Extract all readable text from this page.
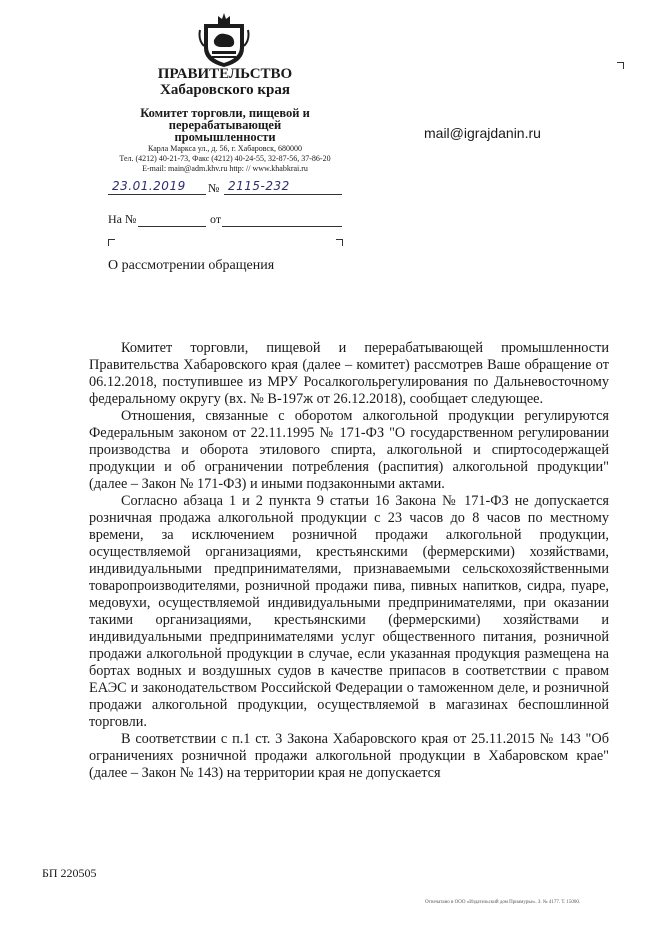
ПРАВИТЕЛЬСТВО
Хабаровского края
Комитет торговли, пищевой и
перерабатывающей
промышленности
Карла Маркса ул., д. 56, г. Хабаровск, 680000
Тел. (4212) 40-21-73, Факс (4212) 40-24-55, 32-87-56, 37-86-20
E-mail: main@adm.khv.ru http: // www.khabkrai.ru
mail@igrajdanin.ru
23.01.2019	№ 2115-232
На №	от
О рассмотрении обращения

Комитет торговли, пищевой и перерабатывающей промышленности Правительства Хабаровского края (далее – комитет) рассмотрев Ваше обращение от 06.12.2018, поступившее из МРУ Росалкогольрегулирования по Дальневосточному федеральному округу (вх. № В-197ж от 26.12.2018), сообщает следующее.

Отношения, связанные с оборотом алкогольной продукции регулируются Федеральным законом от 22.11.1995 № 171-ФЗ "О государственном регулировании производства и оборота этилового спирта, алкогольной и спиртосодержащей продукции и об ограничении потребления (распития) алкогольной продукции" (далее – Закон № 171-ФЗ) и иными подзаконными актами.

Согласно абзаца 1 и 2 пункта 9 статьи 16 Закона № 171-ФЗ не допускается розничная продажа алкогольной продукции с 23 часов до 8 часов по местному времени, за исключением розничной продажи алкогольной продукции, осуществляемой организациями, крестьянскими (фермерскими) хозяйствами, индивидуальными предпринимателями, признаваемыми сельскохозяйственными товаропроизводителями, розничной продажи пива, пивных напитков, сидра, пуаре, медовухи, осуществляемой индивидуальными предпринимателями, при оказании такими организациями, крестьянскими (фермерскими) хозяйствами и индивидуальными предпринимателями услуг общественного питания, розничной продажи алкогольной продукции в случае, если указанная продукция размещена на бортах водных и воздушных судов в качестве припасов в соответствии с правом ЕАЭС и законодательством Российской Федерации о таможенном деле, и розничной продажи алкогольной продукции, осуществляемой в магазинах беспошлинной торговли.

В соответствии с п.1 ст. 3 Закона Хабаровского края от 25.11.2015 № 143 "Об ограничениях розничной продажи алкогольной продукции в Хабаровском крае" (далее – Закон № 143) на территории края не допускается

БП 220505
Отпечатано в ООО «Издательский дом Приамурье». З. № 4177. Т. 15000.
